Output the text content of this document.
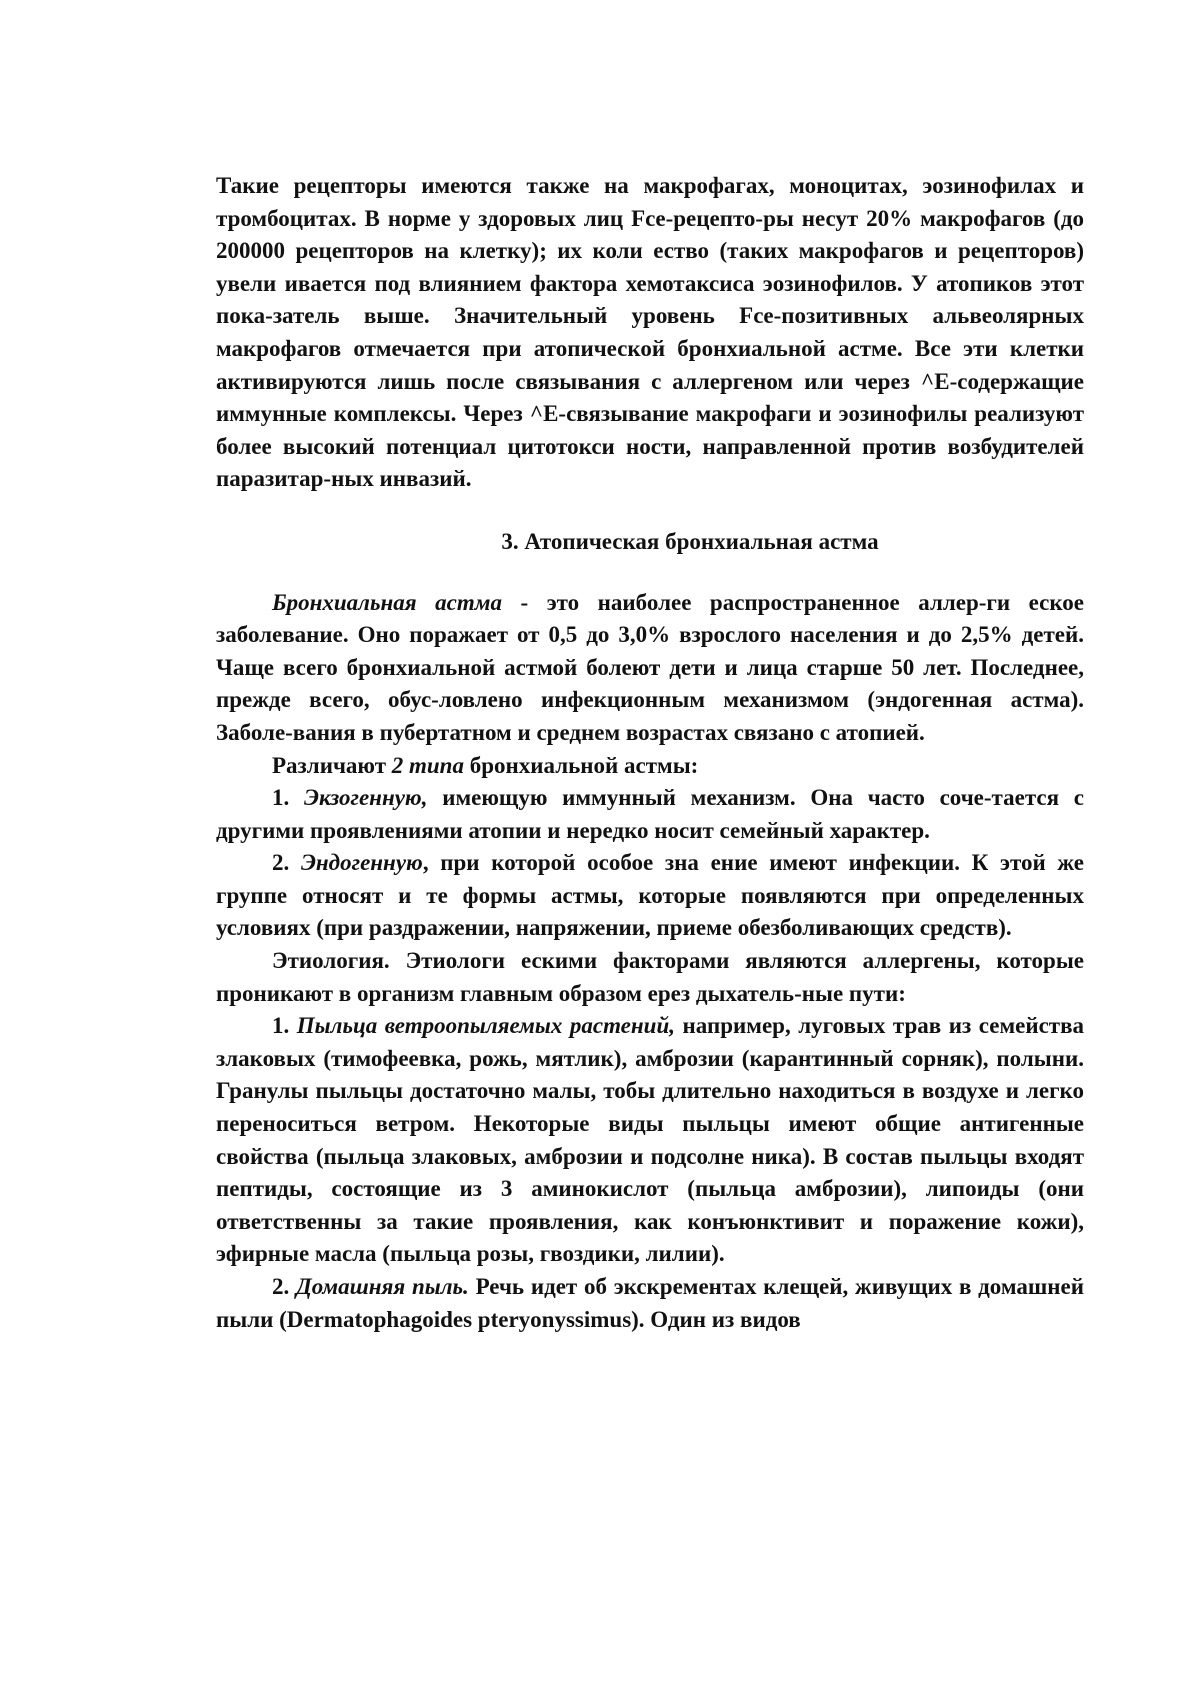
Такие рецепторы имеются также на макрофагах, моноцитах, эозинофилах и тромбоцитах. В норме у здоровых лиц Fce-рецепто-ры несут 20% макрофагов (до 200000 рецепторов на клетку); их коли ество (таких макрофагов и рецепторов) увели ивается под влиянием фактора хемотаксиса эозинофилов. У атопиков этот пока-затель выше. Значительный уровень Fce-позитивных альвеолярных макрофагов отмечается при атопической бронхиальной астме. Все эти клетки активируются лишь после связывания с аллергеном или через ^Е-содержащие иммунные комплексы. Через ^Е-связывание макрофаги и эозинофилы реализуют более высокий потенциал цитотокси ности, направленной против возбудителей паразитар-ных инвазий.

3. Атопическая бронхиальная астма

Бронхиальная астма - это наиболее распространенное аллер-ги еское заболевание. Оно поражает от 0,5 до 3,0% взрослого населения и до 2,5% детей. Чаще всего бронхиальной астмой болеют дети и лица старше 50 лет. Последнее, прежде всего, обус-ловлено инфекционным механизмом (эндогенная астма). Заболе-вания в пубертатном и среднем возрастах связано с атопией.

Различают 2 типа бронхиальной астмы:

1. Экзогенную, имеющую иммунный механизм. Она часто соче-тается с другими проявлениями атопии и нередко носит семейный характер.

2. Эндогенную, при которой особое зна ение имеют инфекции. К этой же группе относят и те формы астмы, которые появляются при определенных условиях (при раздражении, напряжении, приеме обезболивающих средств).

Этиология. Этиологи ескими факторами являются аллергены, которые проникают в организм главным образом ерез дыхатель-ные пути:

1. Пыльца ветроопыляемых растений, например, луговых трав из семейства злаковых (тимофеевка, рожь, мятлик), амброзии (карантинный сорняк), полыни. Гранулы пыльцы достаточно малы, тобы длительно находиться в воздухе и легко переноситься ветром. Некоторые виды пыльцы имеют общие антигенные свойства (пыльца злаковых, амброзии и подсолне ника). В состав пыльцы входят пептиды, состоящие из 3 аминокислот (пыльца амброзии), липоиды (они ответственны за такие проявления, как конъюнктивит и поражение кожи), эфирные масла (пыльца розы, гвоздики, лилии).

2. Домашняя пыль. Речь идет об экскрементах клещей, живущих в домашней пыли (Dermatophagoides pteryonyssimus). Один из видов
